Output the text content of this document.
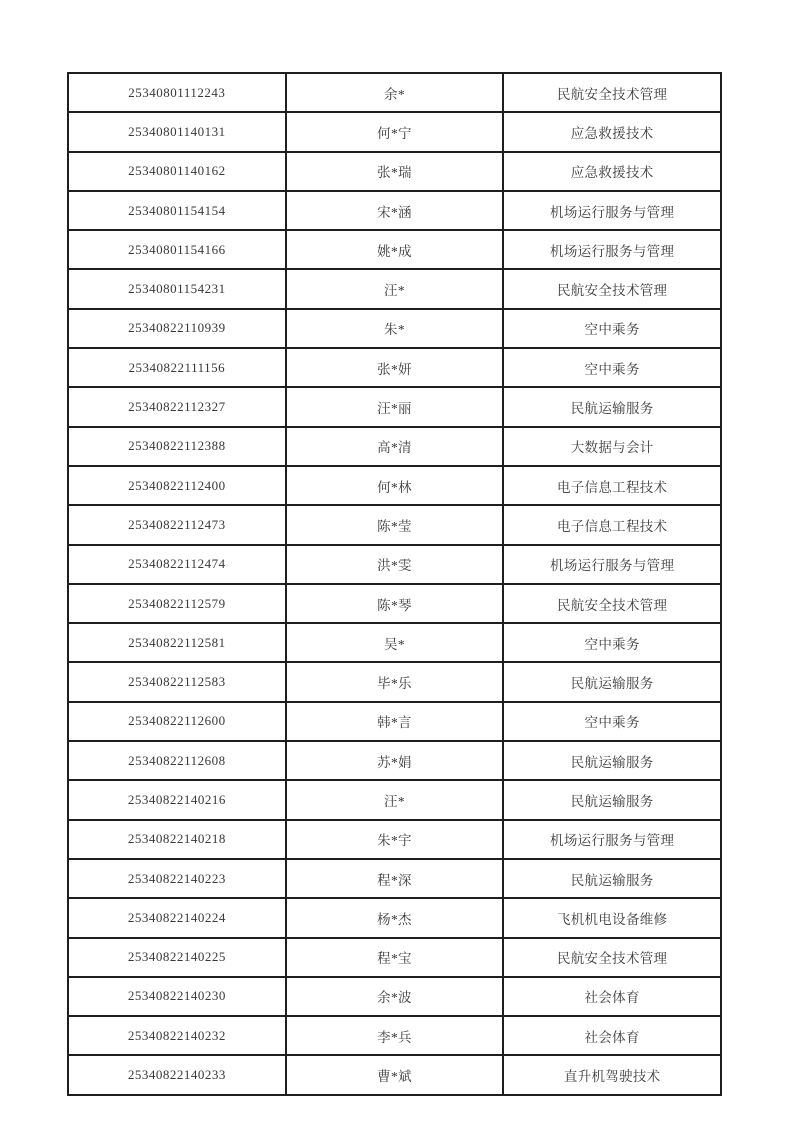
25340801112243	余*	民航安全技术管理
25340801140131	何*宁	应急救援技术
25340801140162	张*瑞	应急救援技术
25340801154154	宋*涵	机场运行服务与管理
25340801154166	姚*成	机场运行服务与管理
25340801154231	汪*	民航安全技术管理
25340822110939	朱*	空中乘务
25340822111156	张*妍	空中乘务
25340822112327	汪*丽	民航运输服务
25340822112388	高*清	大数据与会计
25340822112400	何*林	电子信息工程技术
25340822112473	陈*莹	电子信息工程技术
25340822112474	洪*雯	机场运行服务与管理
25340822112579	陈*琴	民航安全技术管理
25340822112581	吴*	空中乘务
25340822112583	毕*乐	民航运输服务
25340822112600	韩*言	空中乘务
25340822112608	苏*娟	民航运输服务
25340822140216	汪*	民航运输服务
25340822140218	朱*宇	机场运行服务与管理
25340822140223	程*深	民航运输服务
25340822140224	杨*杰	飞机机电设备维修
25340822140225	程*宝	民航安全技术管理
25340822140230	余*波	社会体育
25340822140232	李*兵	社会体育
25340822140233	曹*斌	直升机驾驶技术
